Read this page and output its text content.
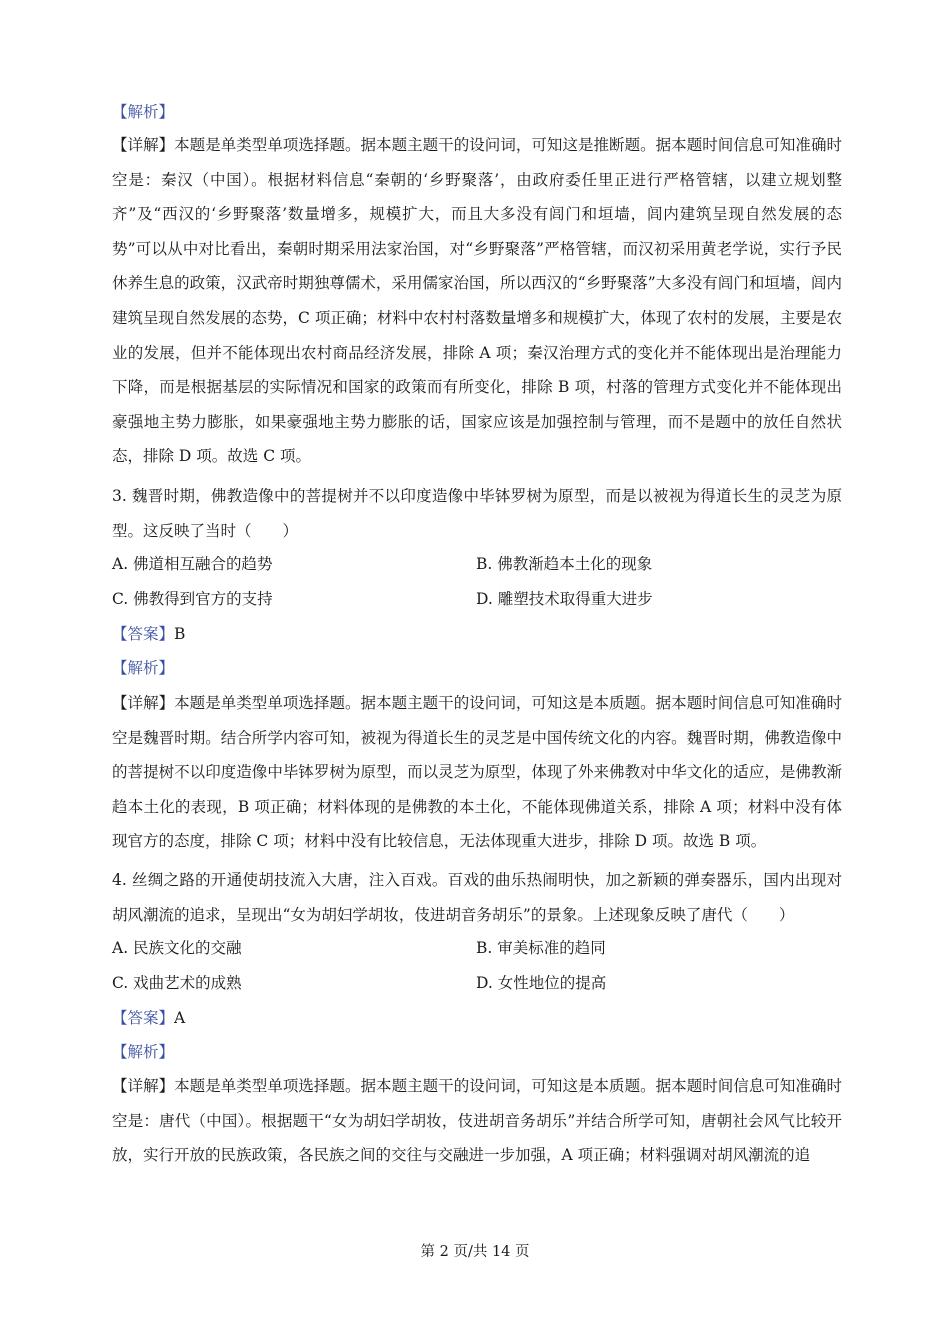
【解析】
【详解】本题是单类型单项选择题。据本题主题干的设问词，可知这是推断题。据本题时间信息可知准确时空是：秦汉（中国）。根据材料信息“秦朝的‘乡野聚落’，由政府委任里正进行严格管辖，以建立规划整齐”及“西汉的‘乡野聚落’数量增多，规模扩大，而且大多没有闾门和垣墙，闾内建筑呈现自然发展的态势”可以从中对比看出，秦朝时期采用法家治国，对“乡野聚落”严格管辖，而汉初采用黄老学说，实行予民休养生息的政策，汉武帝时期独尊儒术，采用儒家治国，所以西汉的“乡野聚落”大多没有闾门和垣墙，闾内建筑呈现自然发展的态势，C 项正确；材料中农村村落数量增多和规模扩大，体现了农村的发展，主要是农业的发展，但并不能体现出农村商品经济发展，排除 A 项；秦汉治理方式的变化并不能体现出是治理能力下降，而是根据基层的实际情况和国家的政策而有所变化，排除 B 项，村落的管理方式变化并不能体现出豪强地主势力膨胀，如果豪强地主势力膨胀的话，国家应该是加强控制与管理，而不是题中的放任自然状态，排除 D 项。故选 C 项。
3. 魏晋时期，佛教造像中的菩提树并不以印度造像中毕钵罗树为原型，而是以被视为得道长生的灵芝为原型。这反映了当时（　　）
A. 佛道相互融合的趋势	B. 佛教渐趋本土化的现象
C. 佛教得到官方的支持	D. 雕塑技术取得重大进步
【答案】B
【解析】
【详解】本题是单类型单项选择题。据本题主题干的设问词，可知这是本质题。据本题时间信息可知准确时空是魏晋时期。结合所学内容可知，被视为得道长生的灵芝是中国传统文化的内容。魏晋时期，佛教造像中的菩提树不以印度造像中毕钵罗树为原型，而以灵芝为原型，体现了外来佛教对中华文化的适应，是佛教渐趋本土化的表现，B 项正确；材料体现的是佛教的本土化，不能体现佛道关系，排除 A 项；材料中没有体现官方的态度，排除 C 项；材料中没有比较信息，无法体现重大进步，排除 D 项。故选 B 项。
4. 丝绸之路的开通使胡技流入大唐，注入百戏。百戏的曲乐热闹明快，加之新颖的弹奏器乐，国内出现对胡风潮流的追求，呈现出“女为胡妇学胡妆，伎进胡音务胡乐”的景象。上述现象反映了唐代（　　）
A. 民族文化的交融	B. 审美标准的趋同
C. 戏曲艺术的成熟	D. 女性地位的提高
【答案】A
【解析】
【详解】本题是单类型单项选择题。据本题主题干的设问词，可知这是本质题。据本题时间信息可知准确时空是：唐代（中国）。根据题干“女为胡妇学胡妆，伎进胡音务胡乐”并结合所学可知，唐朝社会风气比较开放，实行开放的民族政策，各民族之间的交往与交融进一步加强，A 项正确；材料强调对胡风潮流的追
第 2 页/共 14 页
